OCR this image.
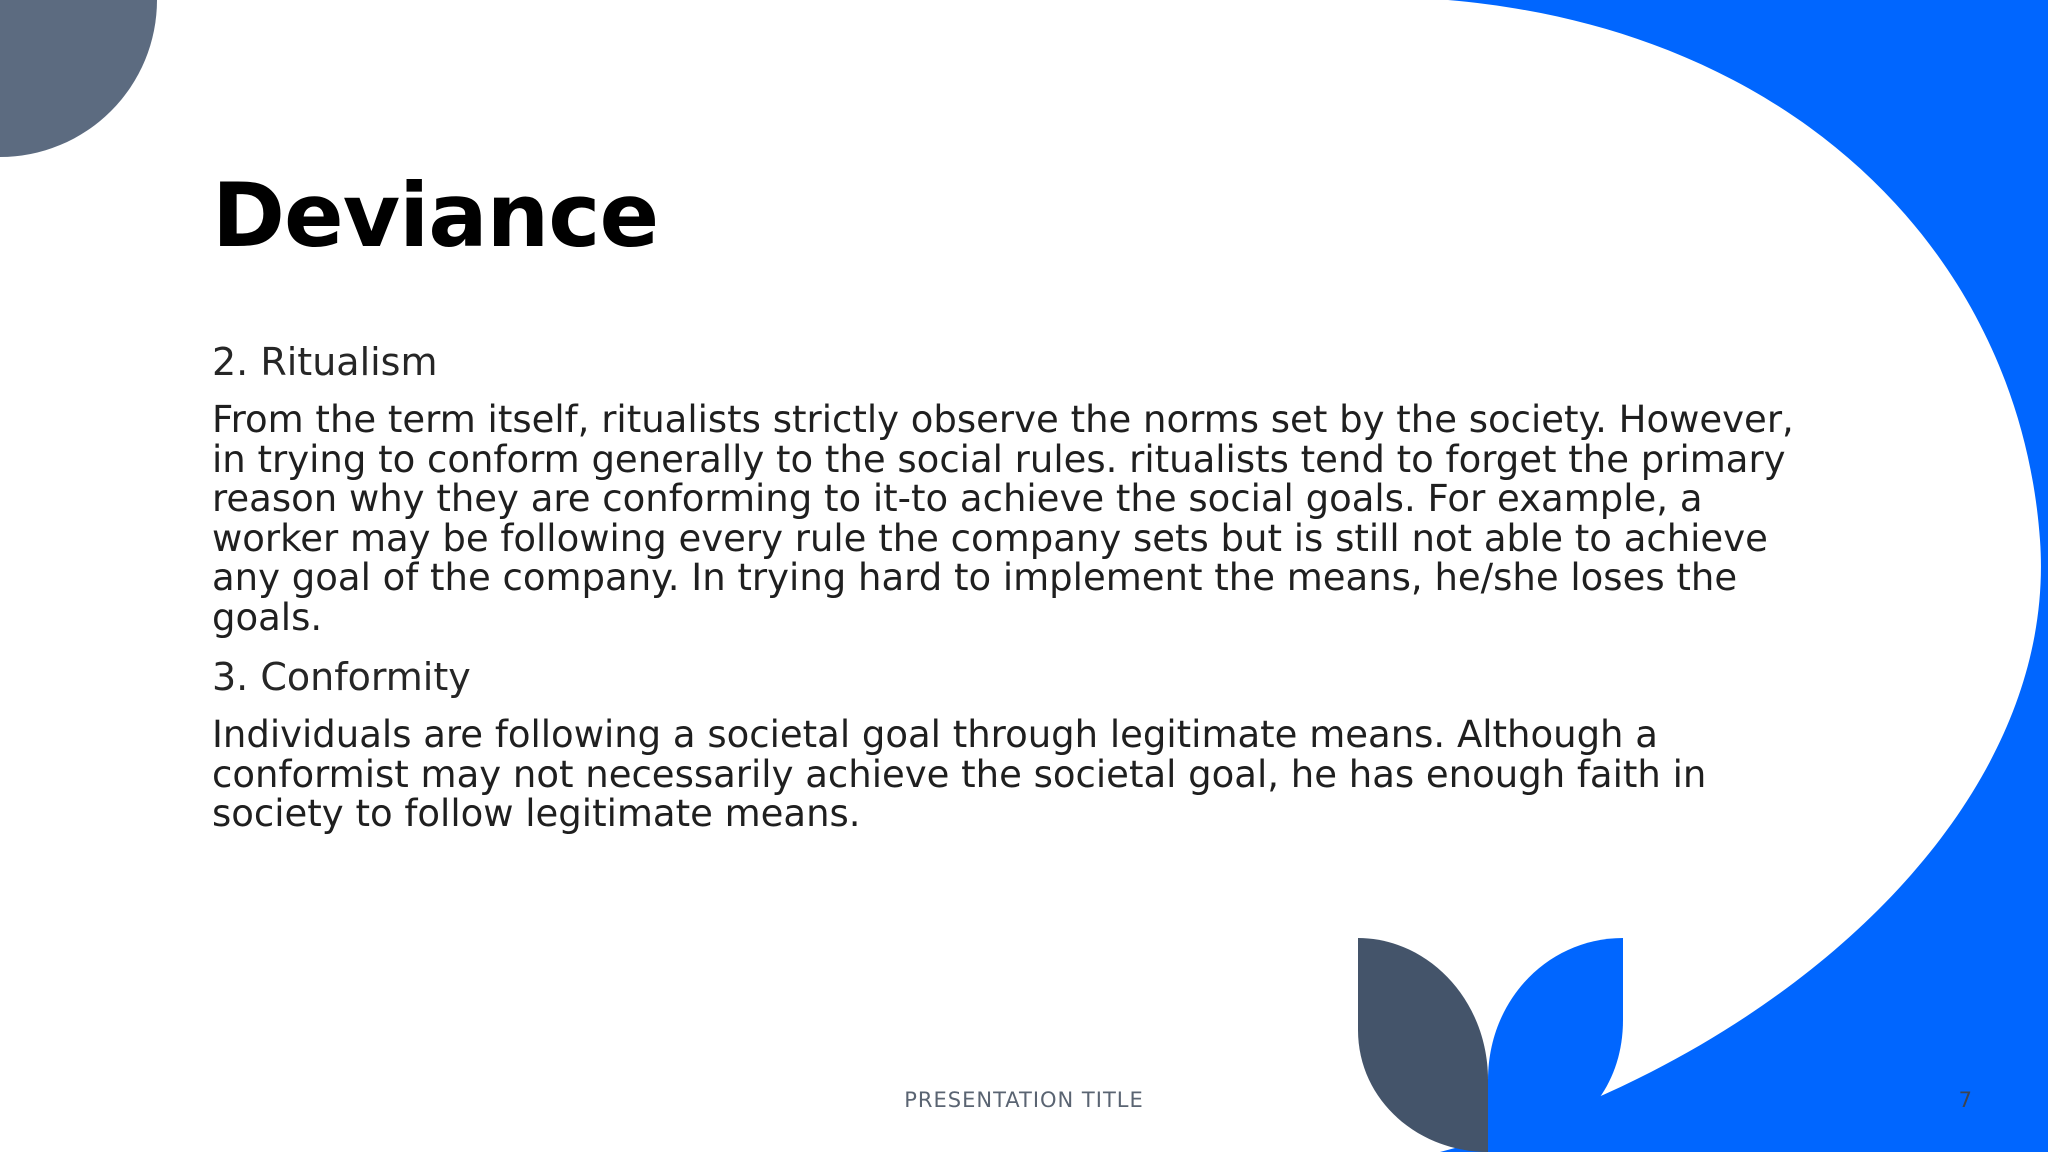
Deviance

2. Ritualism

From the term itself, ritualists strictly observe the norms set by the society. However, in trying to conform generally to the social rules. ritualists tend to forget the primary reason why they are conforming to it-to achieve the social goals. For example, a worker may be following every rule the company sets but is still not able to achieve any goal of the company. In trying hard to implement the means, he/she loses the goals.

3. Conformity

Individuals are following a societal goal through legitimate means. Although a conformist may not necessarily achieve the societal goal, he has enough faith in society to follow legitimate means.

PRESENTATION TITLE	7
